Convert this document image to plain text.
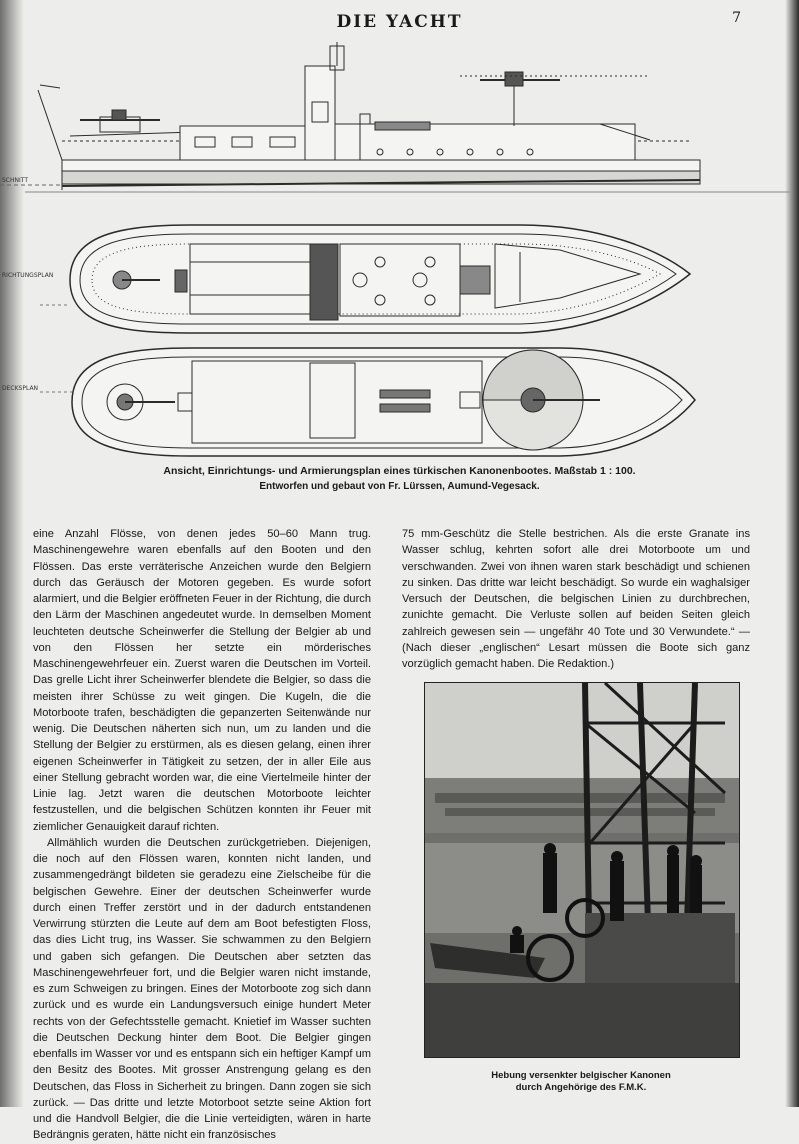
DIE YACHT	7
SCHNITT
RICHTUNGSPLAN
DECKSPLAN
Ansicht, Einrichtungs- und Armierungsplan eines türkischen Kanonenbootes. Maßstab 1 : 100.
Entworfen und gebaut von Fr. Lürssen, Aumund-Vegesack.

eine Anzahl Flösse, von denen jedes 50–60 Mann trug. Maschinengewehre waren ebenfalls auf den Booten und den Flössen. Das erste verräterische Anzeichen wurde den Belgiern durch das Geräusch der Motoren gegeben. Es wurde sofort alarmiert, und die Belgier eröffneten Feuer in der Richtung, die durch den Lärm der Maschinen angedeutet wurde. In demselben Moment leuchteten deutsche Scheinwerfer die Stellung der Belgier ab und von den Flössen her setzte ein mörderisches Maschinengewehrfeuer ein. Zuerst waren die Deutschen im Vorteil. Das grelle Licht ihrer Scheinwerfer blendete die Belgier, so dass die meisten ihrer Schüsse zu weit gingen. Die Kugeln, die die Motorboote trafen, beschädigten die gepanzerten Seitenwände nur wenig. Die Deutschen näherten sich nun, um zu landen und die Stellung der Belgier zu erstürmen, als es diesen gelang, einen ihrer eigenen Scheinwerfer in Tätigkeit zu setzen, der in aller Eile aus einer Stellung gebracht worden war, die eine Viertelmeile hinter der Linie lag. Jetzt waren die deutschen Motorboote leichter festzustellen, und die belgischen Schützen konnten ihr Feuer mit ziemlicher Genauigkeit darauf richten.

Allmählich wurden die Deutschen zurückgetrieben. Diejenigen, die noch auf den Flössen waren, konnten nicht landen, und zusammengedrängt bildeten sie geradezu eine Zielscheibe für die belgischen Gewehre. Einer der deutschen Scheinwerfer wurde durch einen Treffer zerstört und in der dadurch entstandenen Verwirrung stürzten die Leute auf dem am Boot befestigten Floss, das dies Licht trug, ins Wasser. Sie schwammen zu den Belgiern und gaben sich gefangen. Die Deutschen aber setzten das Maschinengewehrfeuer fort, und die Belgier waren nicht imstande, es zum Schweigen zu bringen. Eines der Motorboote zog sich dann zurück und es wurde ein Landungsversuch einige hundert Meter rechts von der Gefechtsstelle gemacht. Knietief im Wasser suchten die Deutschen Deckung hinter dem Boot. Die Belgier gingen ebenfalls im Wasser vor und es entspann sich ein heftiger Kampf um den Besitz des Bootes. Mit grosser Anstrengung gelang es den Deutschen, das Floss in Sicherheit zu bringen. Dann zogen sie sich zurück. — Das dritte und letzte Motorboot setzte seine Aktion fort und die Handvoll Belgier, die die Linie verteidigten, wären in harte Bedrängnis geraten, hätte nicht ein französisches

75 mm-Geschütz die Stelle bestrichen. Als die erste Granate ins Wasser schlug, kehrten sofort alle drei Motorboote um und verschwanden. Zwei von ihnen waren stark beschädigt und schienen zu sinken. Das dritte war leicht beschädigt. So wurde ein waghalsiger Versuch der Deutschen, die belgischen Linien zu durchbrechen, zunichte gemacht. Die Verluste sollen auf beiden Seiten gleich zahlreich gewesen sein — ungefähr 40 Tote und 30 Verwundete.“ — (Nach dieser „englischen“ Lesart müssen die Boote sich ganz vorzüglich gemacht haben. Die Redaktion.)

Hebung versenkter belgischer Kanonen
durch Angehörige des F.M.K.
